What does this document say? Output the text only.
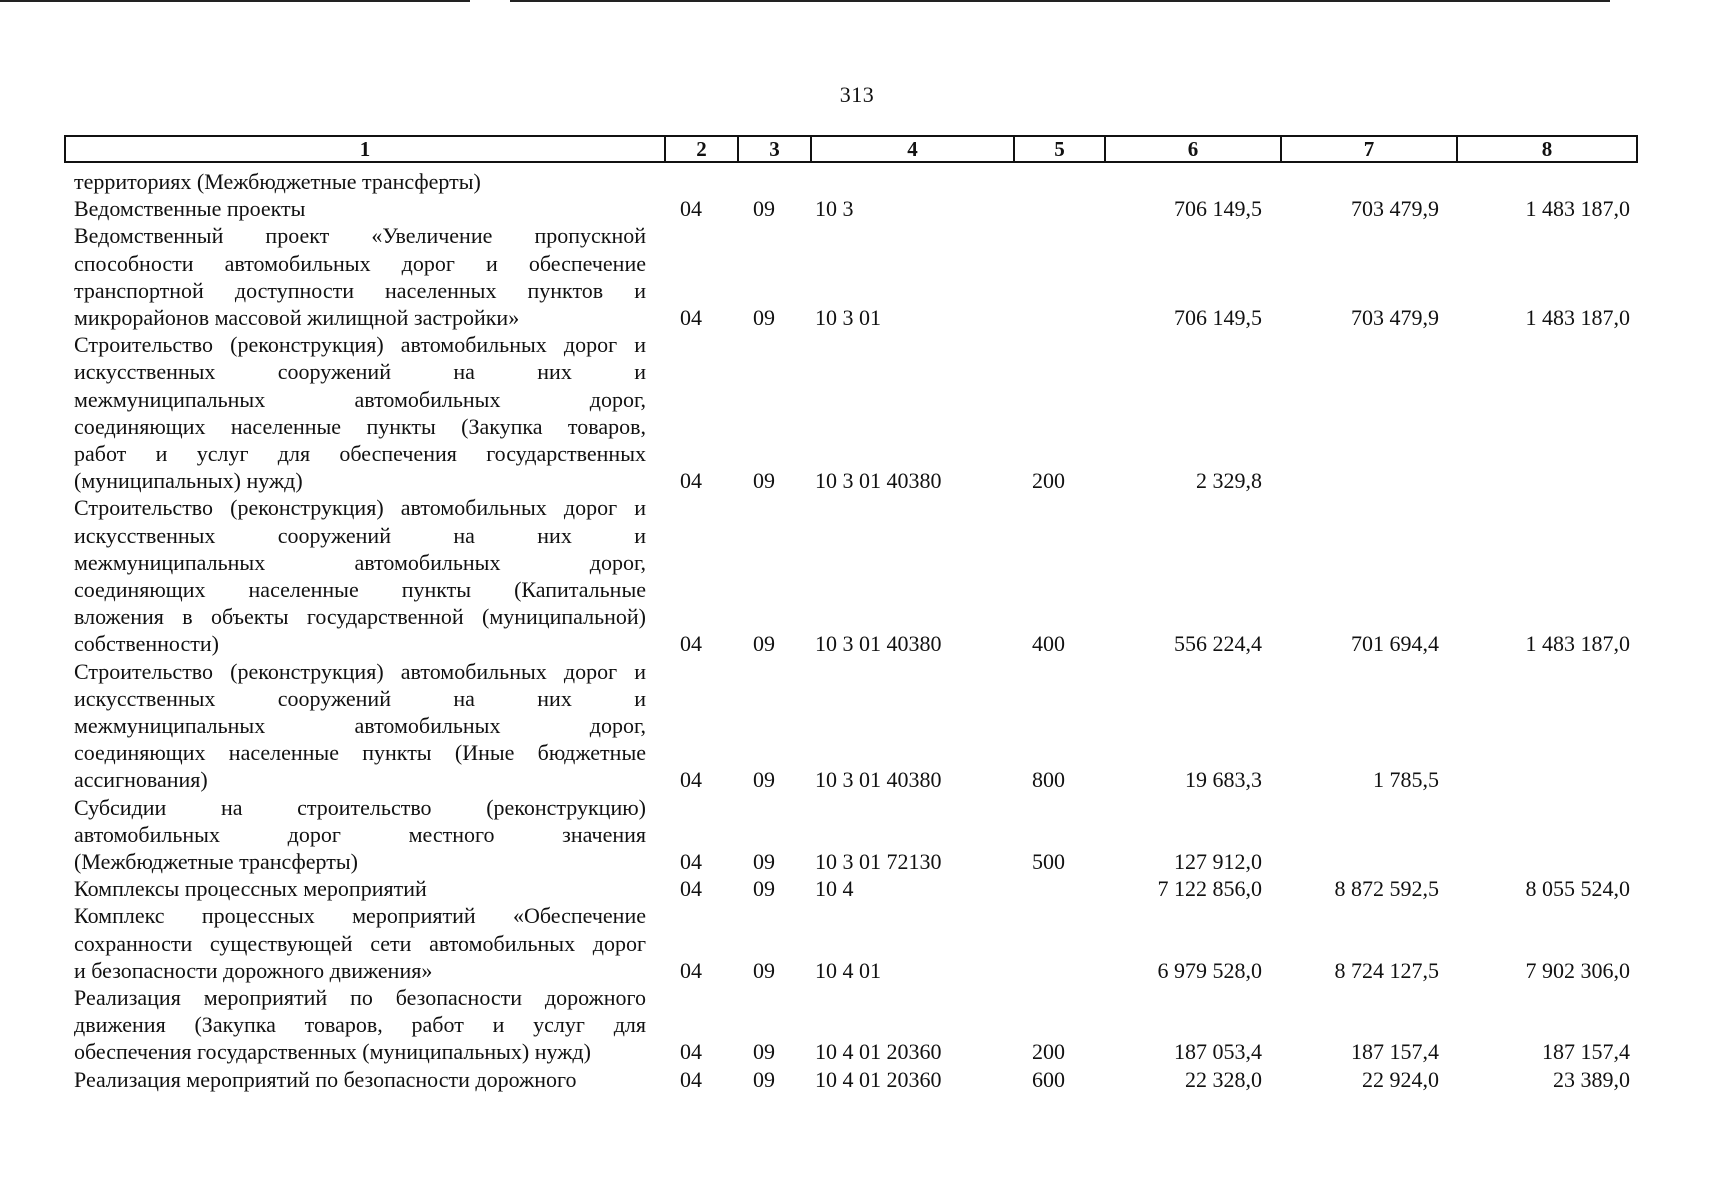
313
1	2	3	4	5	6	7	8
территориях (Межбюджетные трансферты)
Ведомственные проекты	04 09 10 3	706 149,5	703 479,9	1 483 187,0
Ведомственный проект «Увеличение пропускной
способности автомобильных дорог и обеспечение
транспортной доступности населенных пунктов и
микрорайонов массовой жилищной застройки»	04 09 10 3 01	706 149,5	703 479,9	1 483 187,0
Строительство (реконструкция) автомобильных дорог и
искусственных сооружений на них и
межмуниципальных автомобильных дорог,
соединяющих населенные пункты (Закупка товаров,
работ и услуг для обеспечения государственных
(муниципальных) нужд)	04 09 10 3 01 40380	200	2 329,8
Строительство (реконструкция) автомобильных дорог и
искусственных сооружений на них и
межмуниципальных автомобильных дорог,
соединяющих населенные пункты (Капитальные
вложения в объекты государственной (муниципальной)
собственности)	04 09 10 3 01 40380	400	556 224,4	701 694,4	1 483 187,0
Строительство (реконструкция) автомобильных дорог и
искусственных сооружений на них и
межмуниципальных автомобильных дорог,
соединяющих населенные пункты (Иные бюджетные
ассигнования)	04 09 10 3 01 40380	800	19 683,3	1 785,5
Субсидии на строительство (реконструкцию)
автомобильных дорог местного значения
(Межбюджетные трансферты)	04 09 10 3 01 72130	500	127 912,0
Комплексы процессных мероприятий	04 09 10 4	7 122 856,0	8 872 592,5	8 055 524,0
Комплекс процессных мероприятий «Обеспечение
сохранности существующей сети автомобильных дорог
и безопасности дорожного движения»	04 09 10 4 01	6 979 528,0	8 724 127,5	7 902 306,0
Реализация мероприятий по безопасности дорожного
движения (Закупка товаров, работ и услуг для
обеспечения государственных (муниципальных) нужд)	04 09 10 4 01 20360	200	187 053,4	187 157,4	187 157,4
Реализация мероприятий по безопасности дорожного	04 09 10 4 01 20360	600	22 328,0	22 924,0	23 389,0
